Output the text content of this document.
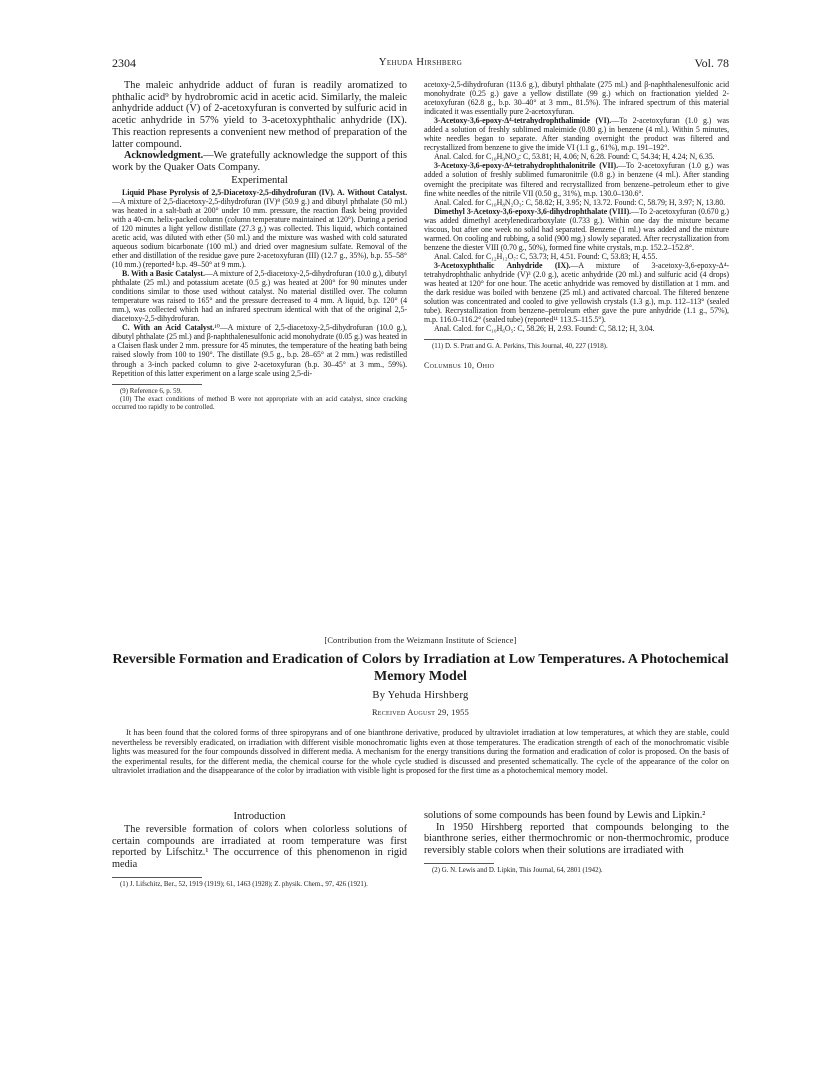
2304	Yehuda Hirshberg	Vol. 78

The maleic anhydride adduct of furan is readily aromatized to phthalic acid⁹ by hydrobromic acid in acetic acid. Similarly, the maleic anhydride adduct (V) of 2-acetoxyfuran is converted by sulfuric acid in acetic anhydride in 57% yield to 3-acetoxyphthalic anhydride (IX). This reaction represents a convenient new method of preparation of the latter compound.

Acknowledgment.—We gratefully acknowledge the support of this work by the Quaker Oats Company.

Experimental

Liquid Phase Pyrolysis of 2,5-Diacetoxy-2,5-dihydrofuran (IV). A. Without Catalyst.—A mixture of 2,5-diacetoxy-2,5-dihydrofuran (IV)⁸ (50.9 g.) and dibutyl phthalate (50 ml.) was heated in a salt-bath at 200° under 10 mm. pressure, the reaction flask being provided with a 40-cm. helix-packed column (column temperature maintained at 120°). During a period of 120 minutes a light yellow distillate (27.3 g.) was collected. This liquid, which contained acetic acid, was diluted with ether (50 ml.) and the mixture was washed with cold saturated aqueous sodium bicarbonate (100 ml.) and dried over magnesium sulfate. Removal of the ether and distillation of the residue gave pure 2-acetoxyfuran (III) (12.7 g., 35%), b.p. 55–58° (10 mm.) (reported⁴ b.p. 49–50° at 9 mm.).

B. With a Basic Catalyst.—A mixture of 2,5-diacetoxy-2,5-dihydrofuran (10.0 g.), dibutyl phthalate (25 ml.) and potassium acetate (0.5 g.) was heated at 200° for 90 minutes under conditions similar to those used without catalyst. No material distilled over. The column temperature was raised to 165° and the pressure decreased to 4 mm. A liquid, b.p. 120° (4 mm.), was collected which had an infrared spectrum identical with that of the original 2,5-diacetoxy-2,5-dihydrofuran.

C. With an Acid Catalyst.¹⁰—A mixture of 2,5-diacetoxy-2,5-dihydrofuran (10.0 g.), dibutyl phthalate (25 ml.) and β-naphthalenesulfonic acid monohydrate (0.05 g.) was heated in a Claisen flask under 2 mm. pressure for 45 minutes, the temperature of the heating bath being raised slowly from 100 to 190°. The distillate (9.5 g., b.p. 28–65° at 2 mm.) was redistilled through a 3-inch packed column to give 2-acetoxyfuran (b.p. 30–45° at 3 mm., 59%). Repetition of this latter experiment on a large scale using 2,5-di-

(9) Reference 6, p. 59.

(10) The exact conditions of method B were not appropriate with an acid catalyst, since cracking occurred too rapidly to be controlled.

acetoxy-2,5-dihydrofuran (113.6 g.), dibutyl phthalate (275 ml.) and β-naphthalenesulfonic acid monohydrate (0.25 g.) gave a yellow distillate (99 g.) which on fractionation yielded 2-acetoxyfuran (62.8 g., b.p. 30–40° at 3 mm., 81.5%). The infrared spectrum of this material indicated it was essentially pure 2-acetoxyfuran.

3-Acetoxy-3,6-epoxy-Δ⁴-tetrahydrophthalimide (VI).—To 2-acetoxyfuran (1.0 g.) was added a solution of freshly sublimed maleimide (0.80 g.) in benzene (4 ml.). Within 5 minutes, white needles began to separate. After standing overnight the product was filtered and recrystallized from benzene to give the imide VI (1.1 g., 61%), m.p. 191–192°.

Anal. Calcd. for C₁₀H₉NO₄: C, 53.81; H, 4.06; N, 6.28. Found: C, 54.34; H, 4.24; N, 6.35.

3-Acetoxy-3,6-epoxy-Δ⁴-tetrahydrophthalonitrile (VII).—To 2-acetoxyfuran (1.0 g.) was added a solution of freshly sublimed fumaronitrile (0.8 g.) in benzene (4 ml.). After standing overnight the precipitate was filtered and recrystallized from benzene–petroleum ether to give fine white needles of the nitrile VII (0.50 g., 31%), m.p. 130.0–130.6°.

Anal. Calcd. for C₁₀H₈N₂O₃: C, 58.82; H, 3.95; N, 13.72. Found: C, 58.79; H, 3.97; N, 13.80.

Dimethyl 3-Acetoxy-3,6-epoxy-3,6-dihydrophthalate (VIII).—To 2-acetoxyfuran (0.670 g.) was added dimethyl acetylenedicarboxylate (0.733 g.). Within one day the mixture became viscous, but after one week no solid had separated. Benzene (1 ml.) was added and the mixture warmed. On cooling and rubbing, a solid (900 mg.) slowly separated. After recrystallization from benzene the diester VIII (0.70 g., 50%), formed fine white crystals, m.p. 152.2–152.8°.

Anal. Calcd. for C₁₂H₁₂O₇: C, 53.73; H, 4.51. Found: C, 53.83; H, 4.55.

3-Acetoxyphthalic Anhydride (IX).—A mixture of 3-acetoxy-3,6-epoxy-Δ⁴-tetrahydrophthalic anhydride (V)³ (2.0 g.), acetic anhydride (20 ml.) and sulfuric acid (4 drops) was heated at 120° for one hour. The acetic anhydride was removed by distillation at 1 mm. and the dark residue was boiled with benzene (25 ml.) and activated charcoal. The filtered benzene solution was concentrated and cooled to give yellowish crystals (1.3 g.), m.p. 112–113° (sealed tube). Recrystallization from benzene–petroleum ether gave the pure anhydride (1.1 g., 57%), m.p. 116.0–116.2° (sealed tube) (reported¹¹ 113.5–115.5°).

Anal. Calcd. for C₁₀H₆O₅: C, 58.26; H, 2.93. Found: C, 58.12; H, 3.04.

(11) D. S. Pratt and G. A. Perkins, This Journal, 40, 227 (1918).

Columbus 10, Ohio
[Contribution from the Weizmann Institute of Science]
Reversible Formation and Eradication of Colors by Irradiation at Low Temperatures. A Photochemical Memory Model
By Yehuda Hirshberg
Received August 29, 1955

It has been found that the colored forms of three spiropyrans and of one bianthrone derivative, produced by ultraviolet irradiation at low temperatures, at which they are stable, could nevertheless be reversibly eradicated, on irradiation with different visible monochromatic lights even at those temperatures. The eradication strength of each of the monochromatic visible lights was measured for the four compounds dissolved in different media. A mechanism for the energy transitions during the formation and eradication of color is proposed. On the basis of the experimental results, for the different media, the chemical course for the whole cycle studied is discussed and presented schematically. The cycle of the appearance of the color on ultraviolet irradiation and the disappearance of the color by irradiation with visible light is proposed for the first time as a photochemical memory model.

Introduction

The reversible formation of colors when colorless solutions of certain compounds are irradiated at room temperature was first reported by Lifschitz.¹ The occurrence of this phenomenon in rigid media

(1) J. Lifschitz, Ber., 52, 1919 (1919); 61, 1463 (1928); Z. physik. Chem., 97, 426 (1921).

solutions of some compounds has been found by Lewis and Lipkin.²

In 1950 Hirshberg reported that compounds belonging to the bianthrone series, either thermochromic or non-thermochromic, produce reversibly stable colors when their solutions are irradiated with

(2) G. N. Lewis and D. Lipkin, This Journal, 64, 2801 (1942).
